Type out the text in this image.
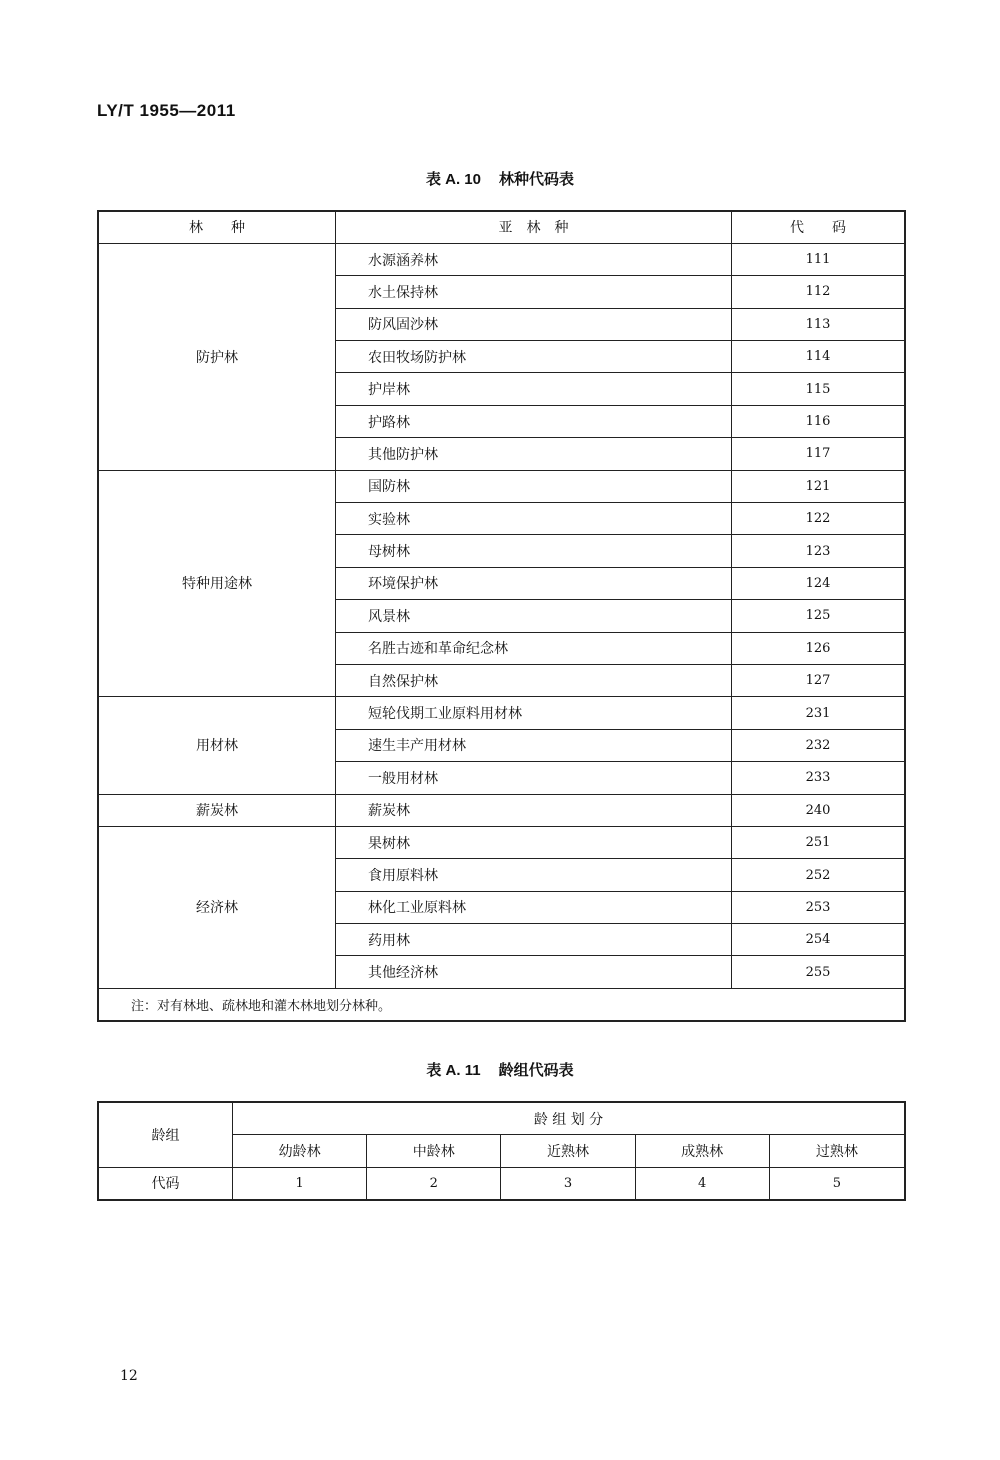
LY/T 1955—2011
表 A. 10 林种代码表
林　　种	亚　林　种	代　　码
防护林	水源涵养林	111
	水土保持林	112
	防风固沙林	113
	农田牧场防护林	114
	护岸林	115
	护路林	116
	其他防护林	117
特种用途林	国防林	121
	实验林	122
	母树林	123
	环境保护林	124
	风景林	125
	名胜古迹和革命纪念林	126
	自然保护林	127
用材林	短轮伐期工业原料用材林	231
	速生丰产用材林	232
	一般用材林	233
薪炭林	薪炭林	240
经济林	果树林	251
	食用原料林	252
	林化工业原料林	253
	药用林	254
	其他经济林	255
注：对有林地、疏林地和灌木林地划分林种。		
表 A. 11 龄组代码表
龄组	龄 组 划 分				
	幼龄林	中龄林	近熟林	成熟林	过熟林
代码	1	2	3	4	5
12
